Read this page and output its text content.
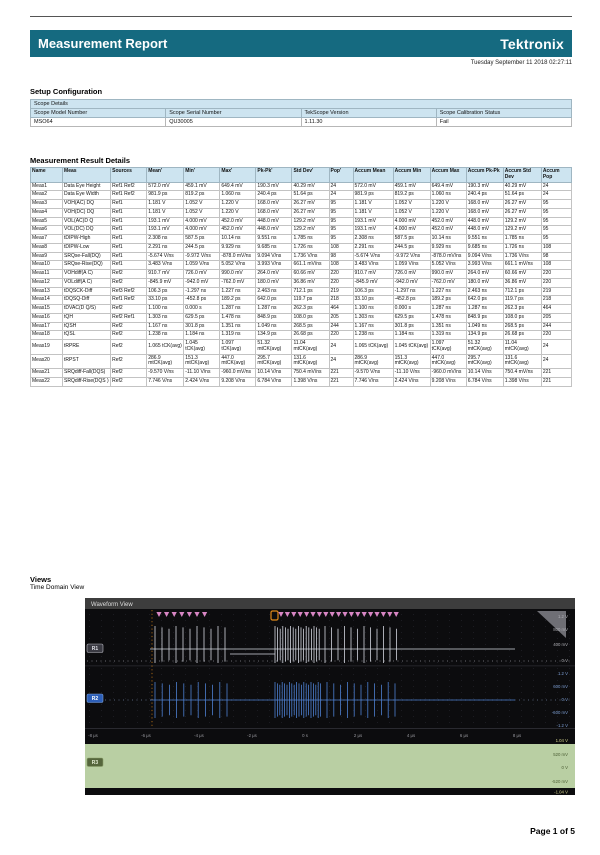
Measurement Report	Tektronix
Tuesday September 11 2018 02:27:11
Setup Configuration
Scope Details			
Scope Model Number	Scope Serial Number	TekScope Version	Scope Calibration Status
MSO64	QU30005	1.11.30	Fail
Measurement Result Details
Name	Meas	Sources	Mean'	Min'	Max'	Pk-Pk'	Std Dev'	Pop'	Accum Mean	Accum Min	Accum Max	Accum Pk-Pk	Accum Std Dev	Accum Pop
Meas1	Data Eye Height	Ref1 Ref2	572.0 mV	459.1 mV	649.4 mV	190.3 mV	40.29 mV	24	572.0 mV	459.1 mV	649.4 mV	190.3 mV	40.29 mV	24
Meas2	Data Eye Width	Ref1 Ref2	981.9 ps	819.2 ps	1.060 ns	240.4 ps	51.64 ps	24	981.9 ps	819.2 ps	1.060 ns	240.4 ps	51.64 ps	24
Meas3	VOH(AC) DQ	Ref1	1.181 V	1.052 V	1.220 V	168.0 mV	26.27 mV	95	1.181 V	1.052 V	1.220 V	168.0 mV	26.27 mV	95
Meas4	VOH(DC) DQ	Ref1	1.181 V	1.052 V	1.220 V	168.0 mV	26.27 mV	95	1.181 V	1.052 V	1.220 V	168.0 mV	26.27 mV	95
Meas5	VOL(AC)D Q	Ref1	193.1 mV	4.000 mV	452.0 mV	448.0 mV	129.2 mV	95	193.1 mV	4.000 mV	452.0 mV	448.0 mV	129.2 mV	95
Meas6	VOL(DC) DQ	Ref1	193.1 mV	4.000 mV	452.0 mV	448.0 mV	129.2 mV	95	193.1 mV	4.000 mV	452.0 mV	448.0 mV	129.2 mV	95
Meas7	tDIPW-High	Ref1	2.308 ns	587.5 ps	10.14 ns	9.551 ns	1.785 ns	95	2.308 ns	587.5 ps	10.14 ns	9.551 ns	1.785 ns	95
Meas8	tDIPW-Low	Ref1	2.291 ns	244.5 ps	9.929 ns	9.685 ns	1.726 ns	108	2.291 ns	244.5 ps	9.929 ns	9.685 ns	1.726 ns	108
Meas9	SRQse-Fall(DQ)	Ref1	-5.674 V/ns	-9.972 V/ns	-878.0 mV/ns	9.094 V/ns	1.736 V/ns	98	-5.674 V/ns	-9.972 V/ns	-878.0 mV/ns	9.094 V/ns	1.736 V/ns	98
Meas10	SRQse-Rise(DQ)	Ref1	3.483 V/ns	1.059 V/ns	5.052 V/ns	3.993 V/ns	661.1 mV/ns	108	3.483 V/ns	1.059 V/ns	5.052 V/ns	3.993 V/ns	661.1 mV/ns	108
Meas11	VOHdiff(A C)	Ref2	910.7 mV	726.0 mV	990.0 mV	264.0 mV	60.66 mV	220	910.7 mV	726.0 mV	990.0 mV	264.0 mV	60.66 mV	220
Meas12	VOLdiff(A C)	Ref2	-845.9 mV	-942.0 mV	-762.0 mV	180.0 mV	36.86 mV	220	-845.9 mV	-942.0 mV	-762.0 mV	180.0 mV	36.86 mV	220
Meas13	tDQSCK-Diff	Ref3 Ref2	106.3 ps	-1.297 ns	1.227 ns	2.463 ns	712.1 ps	219	106.3 ps	-1.297 ns	1.227 ns	2.463 ns	712.1 ps	219
Meas14	tDQSQ-Diff	Ref1 Ref2	33.10 ps	-452.8 ps	189.2 ps	642.0 ps	119.7 ps	218	33.10 ps	-452.8 ps	189.2 ps	642.0 ps	119.7 ps	218
Meas15	tDVAC(D Q/S)	Ref2	1.100 ns	0.000 s	1.287 ns	1.287 ns	262.3 ps	464	1.100 ns	0.000 s	1.287 ns	1.287 ns	262.3 ps	464
Meas16	tQH	Ref2 Ref1	1.303 ns	629.5 ps	1.478 ns	848.9 ps	108.0 ps	205	1.303 ns	629.5 ps	1.478 ns	848.9 ps	108.0 ps	205
Meas17	tQSH	Ref2	1.167 ns	301.8 ps	1.351 ns	1.049 ns	268.5 ps	244	1.167 ns	301.8 ps	1.351 ns	1.049 ns	268.5 ps	244
Meas18	tQSL	Ref2	1.238 ns	1.184 ns	1.319 ns	134.9 ps	26.68 ps	220	1.238 ns	1.184 ns	1.319 ns	134.9 ps	26.68 ps	220
Meas19	tRPRE	Ref2	1.065 tCK(avg)	1.045 tCK(avg)	1.097 tCK(avg)	51.32 mtCK(avg)	11.04 mtCK(avg)	24	1.065 tCK(avg)	1.045 tCK(avg)	1.097 tCK(avg)	51.32 mtCK(avg)	11.04 mtCK(avg)	24
Meas20	tRPST	Ref2	286.9 mtCK(avg)	151.3 mtCK(avg)	447.0 mtCK(avg)	295.7 mtCK(avg)	131.6 mtCK(avg)	24	286.9 mtCK(avg)	151.3 mtCK(avg)	447.0 mtCK(avg)	295.7 mtCK(avg)	131.6 mtCK(avg)	24
Meas21	SRQdiff-Fall(DQS)	Ref2	-9.570 V/ns	-11.10 V/ns	-960.0 mV/ns	10.14 V/ns	750.4 mV/ns	221	-9.570 V/ns	-11.10 V/ns	-960.0 mV/ns	10.14 V/ns	750.4 mV/ns	221
Meas22	SRQdiff-Rise(DQS )	Ref2	7.746 V/ns	2.424 V/ns	9.208 V/ns	6.784 V/ns	1.398 V/ns	221	7.746 V/ns	2.424 V/ns	9.208 V/ns	6.784 V/ns	1.398 V/ns	221
Views
Time Domain View
Waveform View
1.2 V
800 mV
400 mV
0 V
1.2 V
600 mV
0 V
-600 mV
-1.2 V
1.04 V
520 mV
0 V
-520 mV
-1.04 V
-8 μs	-6 μs	-4 μs	-2 μs	0 s	2 μs	4 μs	6 μs	8 μs
R1
R2
R3
Page 1 of 5
